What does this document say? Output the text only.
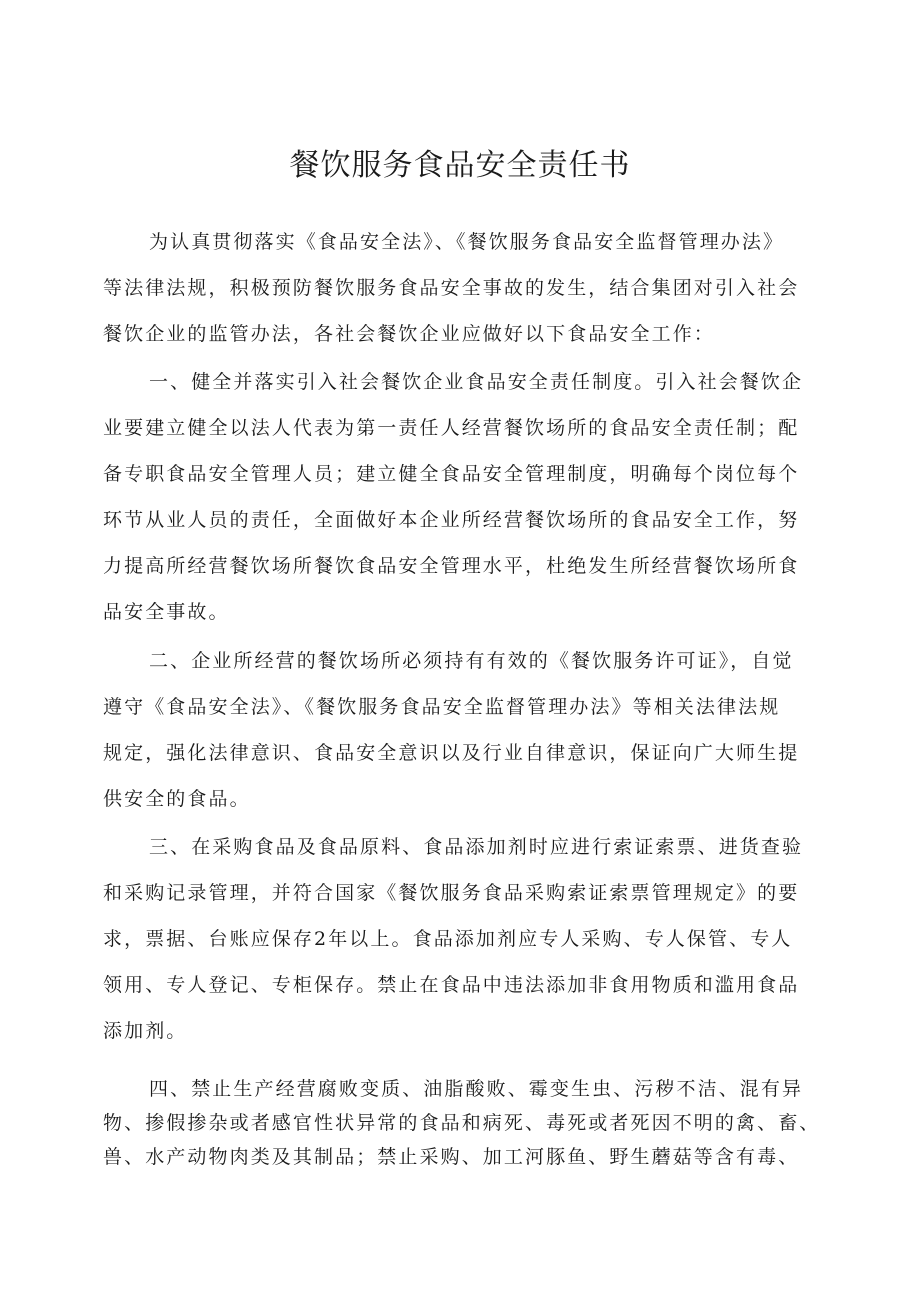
餐饮服务食品安全责任书
为认真贯彻落实《食品安全法》、《餐饮服务食品安全监督管理办法》
等法律法规，积极预防餐饮服务食品安全事故的发生，结合集团对引入社会
餐饮企业的监管办法，各社会餐饮企业应做好以下食品安全工作：
一、健全并落实引入社会餐饮企业食品安全责任制度。引入社会餐饮企
业要建立健全以法人代表为第一责任人经营餐饮场所的食品安全责任制；配
备专职食品安全管理人员；建立健全食品安全管理制度，明确每个岗位每个
环节从业人员的责任，全面做好本企业所经营餐饮场所的食品安全工作，努
力提高所经营餐饮场所餐饮食品安全管理水平，杜绝发生所经营餐饮场所食
品安全事故。
二、企业所经营的餐饮场所必须持有有效的《餐饮服务许可证》，自觉
遵守《食品安全法》、《餐饮服务食品安全监督管理办法》等相关法律法规
规定，强化法律意识、食品安全意识以及行业自律意识，保证向广大师生提
供安全的食品。
三、在采购食品及食品原料、食品添加剂时应进行索证索票、进货查验
和采购记录管理，并符合国家《餐饮服务食品采购索证索票管理规定》的要
求，票据、台账应保存2年以上。食品添加剂应专人采购、专人保管、专人
领用、专人登记、专柜保存。禁止在食品中违法添加非食用物质和滥用食品
添加剂。
四、禁止生产经营腐败变质、油脂酸败、霉变生虫、污秽不洁、混有异
物、掺假掺杂或者感官性状异常的食品和病死、毒死或者死因不明的禽、畜、
兽、水产动物肉类及其制品；禁止采购、加工河豚鱼、野生蘑菇等含有毒、
